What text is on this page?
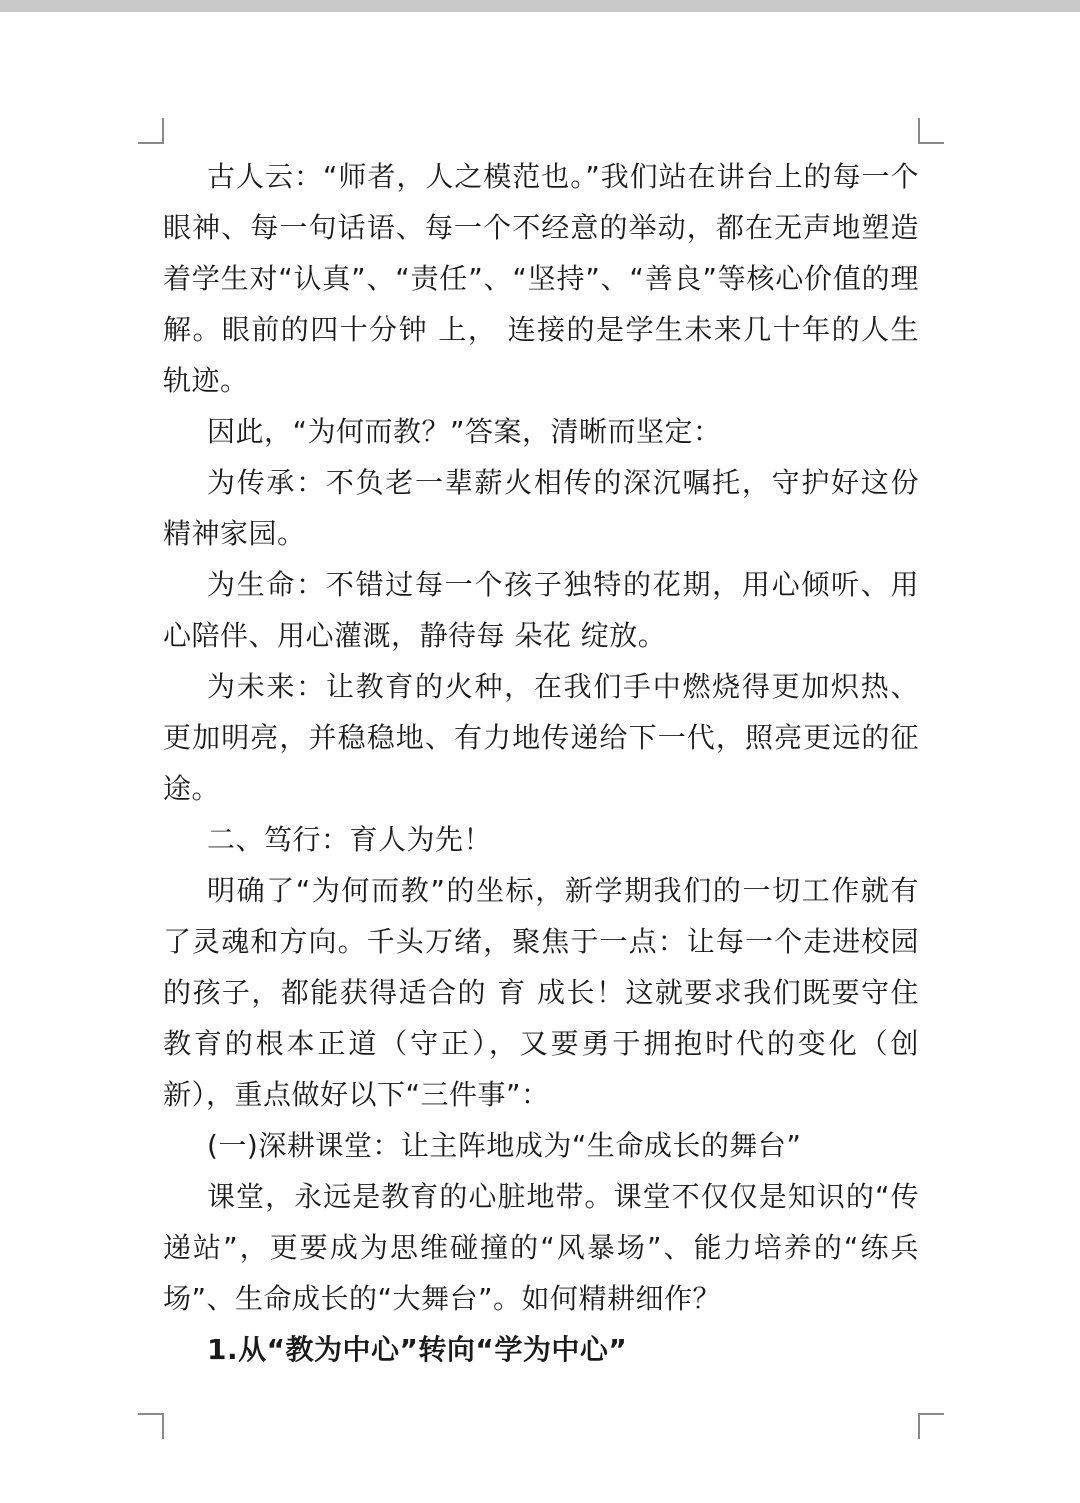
古人云：“师者，人之模范也。”我们站在讲台上的每一个眼神、每一句话语、每一个不经意的举动，都在无声地塑造着学生对“认真”、“责任”、“坚持”、“善良”等核心价值的理解。眼前的四十分钟 上， 连接的是学生未来几十年的人生轨迹。

因此，“为何而教？”答案，清晰而坚定：

为传承：不负老一辈薪火相传的深沉嘱托，守护好这份精神家园。

为生命：不错过每一个孩子独特的花期，用心倾听、用心陪伴、用心灌溉，静待每 朵花 绽放。

为未来：让教育的火种，在我们手中燃烧得更加炽热、更加明亮，并稳稳地、有力地传递给下一代，照亮更远的征途。

二、笃行：育人为先！

明确了“为何而教”的坐标，新学期我们的一切工作就有了灵魂和方向。千头万绪，聚焦于一点：让每一个走进校园的孩子，都能获得适合的 育 成长！这就要求我们既要守住教育的根本正道（守正），又要勇于拥抱时代的变化（创新），重点做好以下“三件事”：

(一)深耕课堂：让主阵地成为“生命成长的舞台”

课堂，永远是教育的心脏地带。课堂不仅仅是知识的“传递站”，更要成为思维碰撞的“风暴场”、能力培养的“练兵场”、生命成长的“大舞台”。如何精耕细作？

1.从“教为中心”转向“学为中心”
